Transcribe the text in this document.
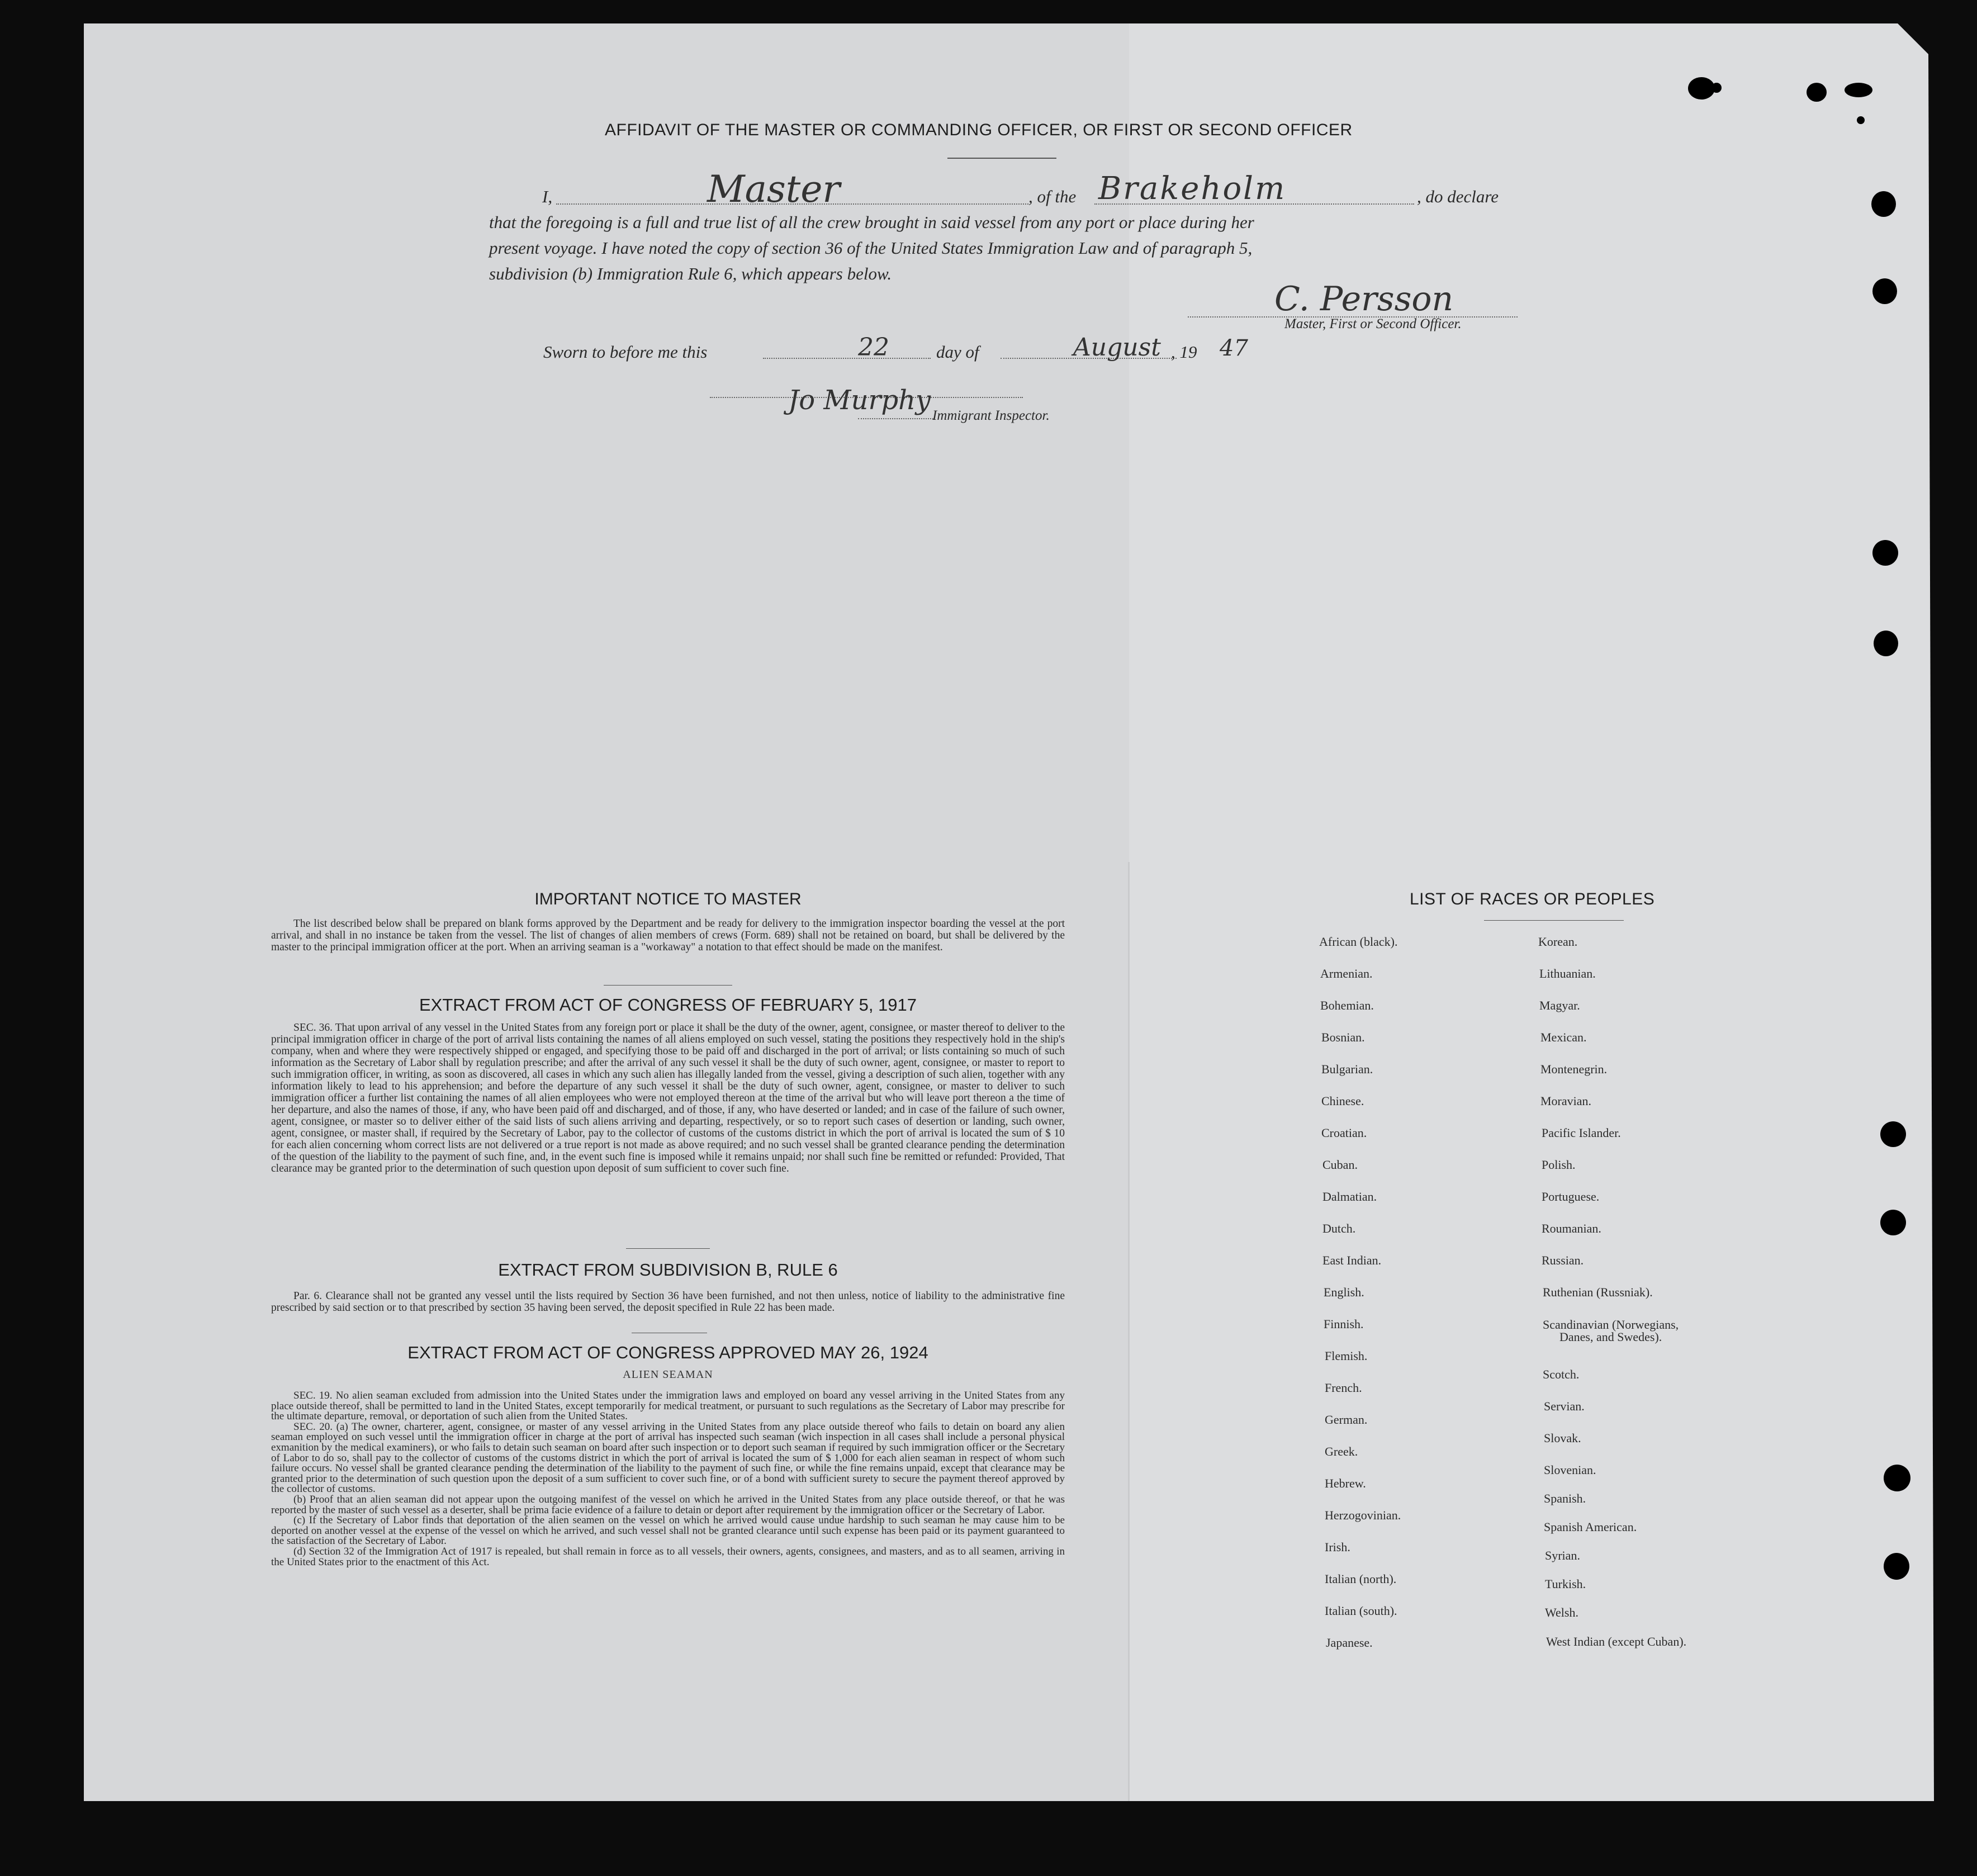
AFFIDAVIT OF THE MASTER OR COMMANDING OFFICER, OR FIRST OR SECOND OFFICER
I,	Master	, of the Brakeholm	, do declare
that the foregoing is a full and true list of all the crew brought in said vessel from any port or place during her
present voyage. I have noted the copy of section 36 of the United States Immigration Law and of paragraph 5,
subdivision (b) Immigration Rule 6, which appears below.
C. Persson
Master, First or Second Officer.
Sworn to before me this	22	day of	August , 19 47
Jo Murphy Immigrant Inspector.
IMPORTANT NOTICE TO MASTER

The list described below shall be prepared on blank forms approved by the Department and be ready for delivery to the immigration inspector boarding the vessel at the port arrival, and shall in no instance be taken from the vessel. The list of changes of alien members of crews (Form. 689) shall not be retained on board, but shall be delivered by the master to the principal immigration officer at the port. When an arriving seaman is a "workaway" a notation to that effect should be made on the manifest.

EXTRACT FROM ACT OF CONGRESS OF FEBRUARY 5, 1917

SEC. 36. That upon arrival of any vessel in the United States from any foreign port or place it shall be the duty of the owner, agent, consignee, or master thereof to deliver to the principal immigration officer in charge of the port of arrival lists containing the names of all aliens employed on such vessel, stating the positions they respectively hold in the ship's company, when and where they were respectively shipped or engaged, and specifying those to be paid off and discharged in the port of arrival; or lists containing so much of such information as the Secretary of Labor shall by regulation prescribe; and after the arrival of any such vessel it shall be the duty of such owner, agent, consignee, or master to report to such immigration officer, in writing, as soon as discovered, all cases in which any such alien has illegally landed from the vessel, giving a description of such alien, together with any information likely to lead to his apprehension; and before the departure of any such vessel it shall be the duty of such owner, agent, consignee, or master to deliver to such immigration officer a further list containing the names of all alien employees who were not employed thereon at the time of the arrival but who will leave port thereon a the time of her departure, and also the names of those, if any, who have been paid off and discharged, and of those, if any, who have deserted or landed; and in case of the failure of such owner, agent, consignee, or master so to deliver either of the said lists of such aliens arriving and departing, respectively, or so to report such cases of desertion or landing, such owner, agent, consignee, or master shall, if required by the Secretary of Labor, pay to the collector of customs of the customs district in which the port of arrival is located the sum of $ 10 for each alien concerning whom correct lists are not delivered or a true report is not made as above required; and no such vessel shall be granted clearance pending the determination of the question of the liability to the payment of such fine, and, in the event such fine is imposed while it remains unpaid; nor shall such fine be remitted or refunded: Provided, That clearance may be granted prior to the determination of such question upon deposit of sum sufficient to cover such fine.

EXTRACT FROM SUBDIVISION B, RULE 6

Par. 6. Clearance shall not be granted any vessel until the lists required by Section 36 have been furnished, and not then unless, notice of liability to the administrative fine prescribed by said section or to that prescribed by section 35 having been served, the deposit specified in Rule 22 has been made.

EXTRACT FROM ACT OF CONGRESS APPROVED MAY 26, 1924
ALIEN SEAMAN

SEC. 19. No alien seaman excluded from admission into the United States under the immigration laws and employed on board any vessel arriving in the United States from any place outside thereof, shall be permitted to land in the United States, except temporarily for medical treatment, or pursuant to such regulations as the Secretary of Labor may prescribe for the ultimate departure, removal, or deportation of such alien from the United States.

SEC. 20. (a) The owner, charterer, agent, consignee, or master of any vessel arriving in the United States from any place outside thereof who fails to detain on board any alien seaman employed on such vessel until the immigration officer in charge at the port of arrival has inspected such seaman (wich inspection in all cases shall include a personal physical exmanition by the medical examiners), or who fails to detain such seaman on board after such inspection or to deport such seaman if required by such immigration officer or the Secretary of Labor to do so, shall pay to the collector of customs of the customs district in which the port of arrival is located the sum of $ 1,000 for each alien seaman in respect of whom such failure occurs. No vessel shall be granted clearance pending the determination of the liability to the payment of such fine, or while the fine remains unpaid, except that clearance may be granted prior to the determination of such question upon the deposit of a sum sufficient to cover such fine, or of a bond with sufficient surety to secure the payment thereof approved by the collector of customs.

(b) Proof that an alien seaman did not appear upon the outgoing manifest of the vessel on which he arrived in the United States from any place outside thereof, or that he was reported by the master of such vessel as a deserter, shall be prima facie evidence of a failure to detain or deport after requirement by the immigration officer or the Secretary of Labor.

(c) If the Secretary of Labor finds that deportation of the alien seamen on the vessel on which he arrived would cause undue hardship to such seaman he may cause him to be deported on another vessel at the expense of the vessel on which he arrived, and such vessel shall not be granted clearance until such expense has been paid or its payment guaranteed to the satisfaction of the Secretary of Labor.

(d) Section 32 of the Immigration Act of 1917 is repealed, but shall remain in force as to all vessels, their owners, agents, consignees, and masters, and as to all seamen, arriving in the United States prior to the enactment of this Act.

LIST OF RACES OR PEOPLES
African (black).
Armenian.
Bohemian.
Bosnian.
Bulgarian.
Chinese.
Croatian.
Cuban.
Dalmatian.
Dutch.
East Indian.
English.
Finnish.
Flemish.
French.
German.
Greek.
Hebrew.
Herzogovinian.
Irish.
Italian (north).
Italian (south).
Japanese.
Korean.
Lithuanian.
Magyar.
Mexican.
Montenegrin.
Moravian.
Pacific Islander.
Polish.
Portuguese.
Roumanian.
Russian.
Ruthenian (Russniak).
Scandinavian (Norwegians,
Danes, and Swedes).
Scotch.
Servian.
Slovak.
Slovenian.
Spanish.
Spanish American.
Syrian.
Turkish.
Welsh.
West Indian (except Cuban).
